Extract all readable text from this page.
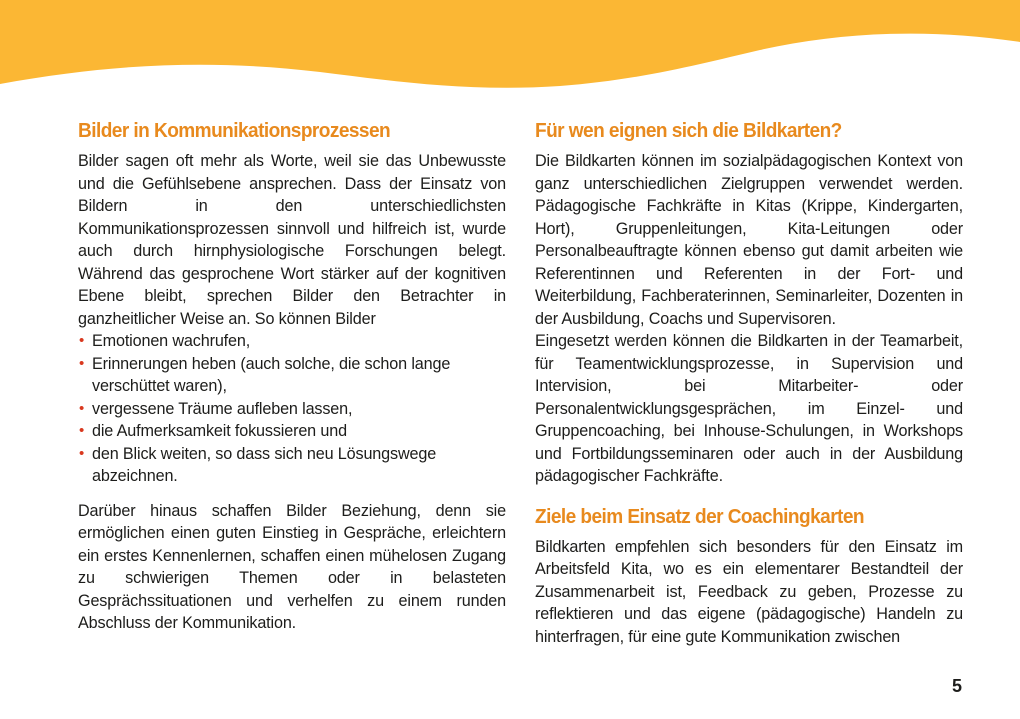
Bilder in Kommunikationsprozessen

Bilder sagen oft mehr als Worte, weil sie das Unbewusste und die Gefühlsebene ansprechen. Dass der Einsatz von Bildern in den unterschiedlichsten Kommunikationsprozessen sinnvoll und hilfreich ist, wurde auch durch hirnphysiologische Forschungen belegt. Während das gesprochene Wort stärker auf der kognitiven Ebene bleibt, sprechen Bilder den Betrachter in ganzheitlicher Weise an. So können Bilder

• Emotionen wachrufen,
• Erinnerungen heben (auch solche, die schon lange verschüttet waren),
• vergessene Träume aufleben lassen,
• die Aufmerksamkeit fokussieren und
• den Blick weiten, so dass sich neu Lösungswege abzeichnen.

Darüber hinaus schaffen Bilder Beziehung, denn sie ermöglichen einen guten Einstieg in Gespräche, erleichtern ein erstes Kennenlernen, schaffen einen mühelosen Zugang zu schwierigen Themen oder in belasteten Gesprächssituationen und verhelfen zu einem runden Abschluss der Kommunikation.

Für wen eignen sich die Bildkarten?

Die Bildkarten können im sozialpädagogischen Kontext von ganz unterschiedlichen Zielgruppen verwendet werden. Pädagogische Fachkräfte in Kitas (Krippe, Kindergarten, Hort), Gruppenleitungen, Kita-Leitungen oder Personalbeauftragte können ebenso gut damit arbeiten wie Referentinnen und Referenten in der Fort- und Weiterbildung, Fachberaterinnen, Seminarleiter, Dozenten in der Ausbildung, Coachs und Supervisoren.

Eingesetzt werden können die Bildkarten in der Teamarbeit, für Teamentwicklungsprozesse, in Supervision und Intervision, bei Mitarbeiter- oder Personalentwicklungsgesprächen, im Einzel- und Gruppencoaching, bei Inhouse-Schulungen, in Workshops und Fortbildungsseminaren oder auch in der Ausbildung pädagogischer Fachkräfte.

Ziele beim Einsatz der Coachingkarten

Bildkarten empfehlen sich besonders für den Einsatz im Arbeitsfeld Kita, wo es ein elementarer Bestandteil der Zusammenarbeit ist, Feedback zu geben, Prozesse zu reflektieren und das eigene (pädagogische) Handeln zu hinterfragen, für eine gute Kommunikation zwischen

5
